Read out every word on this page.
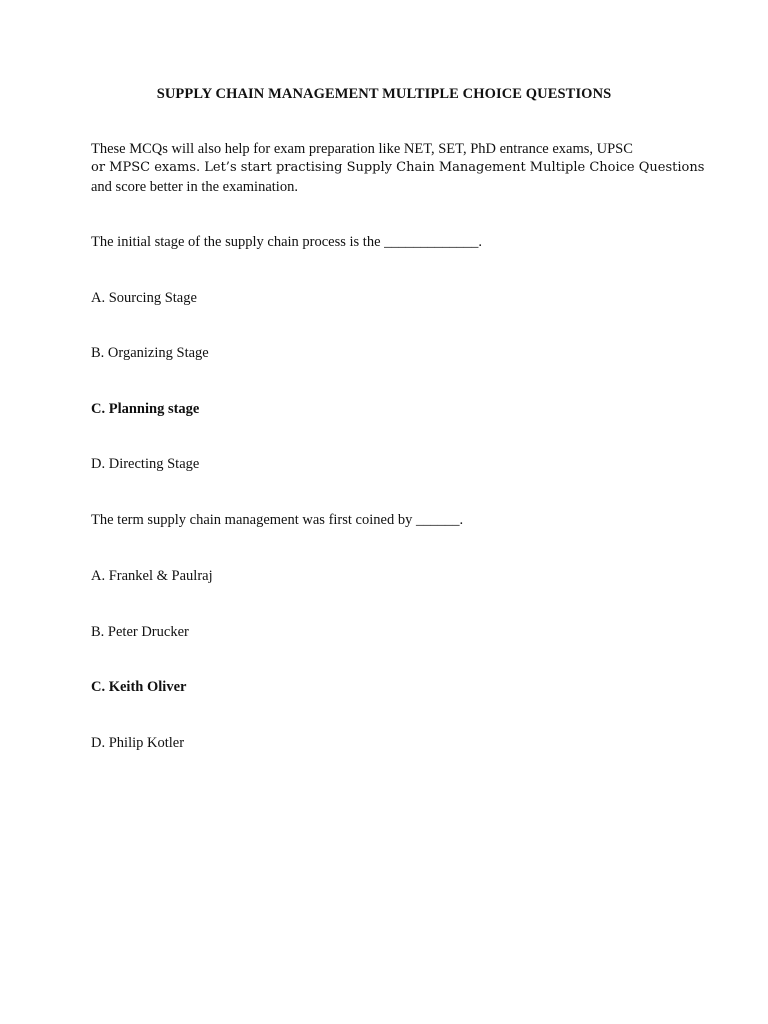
SUPPLY CHAIN MANAGEMENT MULTIPLE CHOICE QUESTIONS
These MCQs will also help for exam preparation like NET, SET, PhD entrance exams, UPSC
or MPSC exams. Let’s start practising Supply Chain Management Multiple Choice Questions
and score better in the examination.
The initial stage of the supply chain process is the _____________.
A. Sourcing Stage
B. Organizing Stage
C. Planning stage
D. Directing Stage
The term supply chain management was first coined by ______.
A. Frankel & Paulraj
B. Peter Drucker
C. Keith Oliver
D. Philip Kotler
